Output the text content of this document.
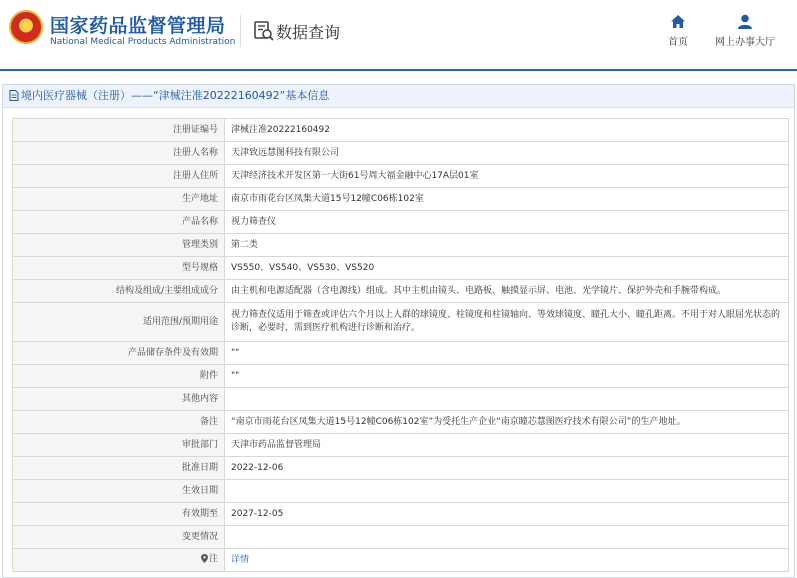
★ 国家药品监督管理局
National Medical Products Administration	数据查询
首页	网上办事大厅
境内医疗器械（注册）——“津械注准20222160492”基本信息
注册证编号	津械注准20222160492
注册人名称	天津致远慧图科技有限公司
注册人住所	天津经济技术开发区第一大街61号周大福金融中心17A层01室
生产地址	南京市雨花台区凤集大道15号12幢C06栋102室
产品名称	视力筛查仪
管理类别	第二类
型号规格	VS550、VS540、VS530、VS520
结构及组成/主要组成成分	由主机和电源适配器（含电源线）组成。其中主机由镜头、电路板、触摸显示屏、电池、光学镜片、保护外壳和手腕带构成。
适用范围/预期用途	视力筛查仪适用于筛查或评估六个月以上人群的球镜度、柱镜度和柱镜轴向、等效球镜度、瞳孔大小、瞳孔距离。不用于对人眼屈光状态的诊断，必要时，需到医疗机构进行诊断和治疗。
产品储存条件及有效期	""
附件	""
其他内容	
备注	“南京市雨花台区凤集大道15号12幢C06栋102室”为受托生产企业“南京瞳芯慧图医疗技术有限公司”的生产地址。
审批部门	天津市药品监督管理局
批准日期	2022-12-06
生效日期	
有效期至	2027-12-05
变更情况	
注	详情
